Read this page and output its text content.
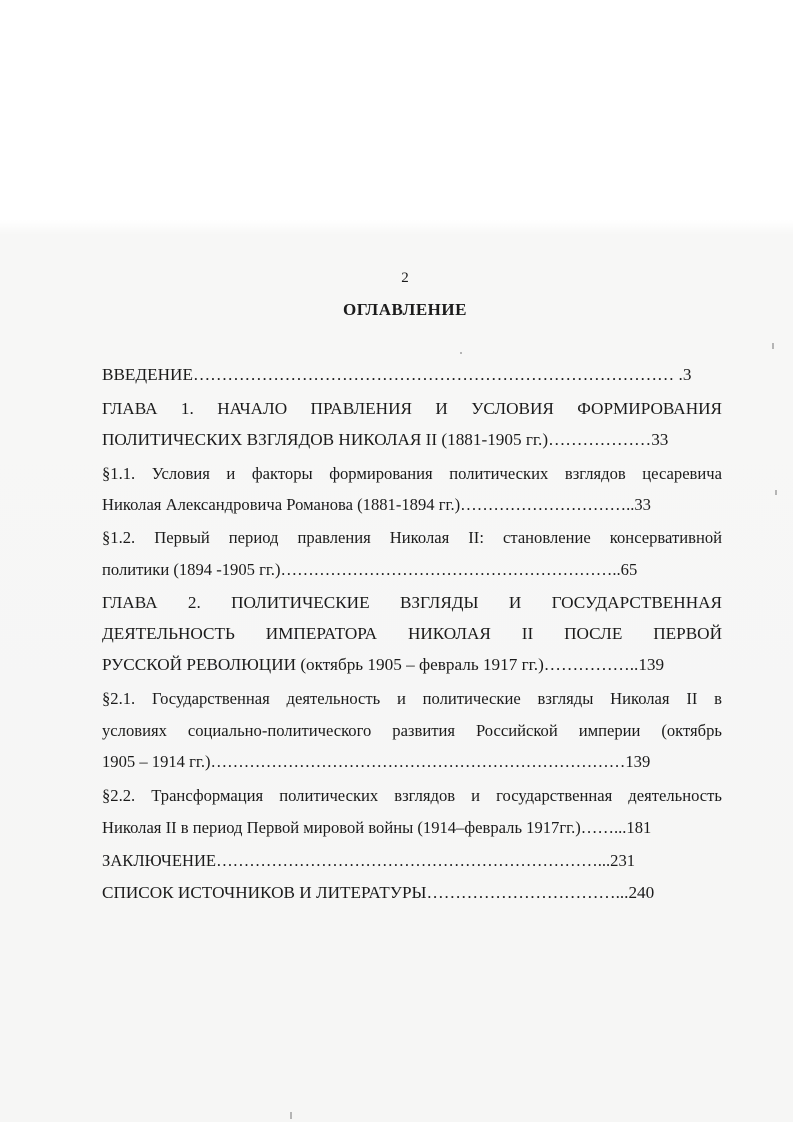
2
ОГЛАВЛЕНИЕ
ВВЕДЕНИЕ………………………………………………………………………… .3
ГЛАВА 1. НАЧАЛО ПРАВЛЕНИЯ И УСЛОВИЯ ФОРМИРОВАНИЯ
ПОЛИТИЧЕСКИХ ВЗГЛЯДОВ НИКОЛАЯ II (1881-1905 гг.)………………33
§1.1. Условия и факторы формирования политических взглядов цесаревича
Николая Александровича Романова (1881-1894 гг.)…………………………..33
§1.2. Первый период правления Николая II: становление консервативной
политики (1894 -1905 гг.)……………………………………………………..65
ГЛАВА 2. ПОЛИТИЧЕСКИЕ ВЗГЛЯДЫ И ГОСУДАРСТВЕННАЯ
ДЕЯТЕЛЬНОСТЬ ИМПЕРАТОРА НИКОЛАЯ II ПОСЛЕ ПЕРВОЙ
РУССКОЙ РЕВОЛЮЦИИ (октябрь 1905 – февраль 1917 гг.)……………..139
§2.1. Государственная деятельность и политические взгляды Николая II в
условиях социально-политического развития Российской империи (октябрь
1905 – 1914 гг.)…………………………………………………………………139
§2.2. Трансформация политических взглядов и государственная деятельность
Николая II в период Первой мировой войны (1914–февраль 1917гг.)……...181
ЗАКЛЮЧЕНИЕ……………………………………………………………...231
СПИСОК ИСТОЧНИКОВ И ЛИТЕРАТУРЫ……………………………...240
